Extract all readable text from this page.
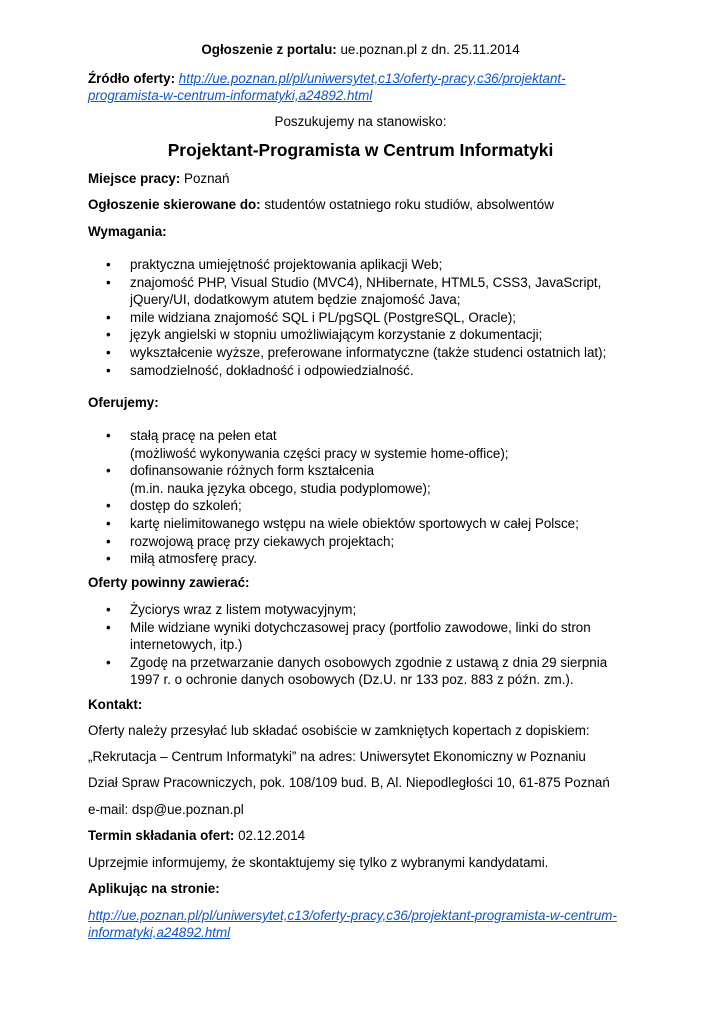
Ogłoszenie z portalu: ue.poznan.pl z dn. 25.11.2014
Źródło oferty: http://ue.poznan.pl/pl/uniwersytet,c13/oferty-pracy,c36/projektant-programista-w-centrum-informatyki,a24892.html
Poszukujemy na stanowisko:
Projektant-Programista w Centrum Informatyki
Miejsce pracy: Poznań
Ogłoszenie skierowane do: studentów ostatniego roku studiów, absolwentów
Wymagania:
• praktyczna umiejętność projektowania aplikacji Web;
• znajomość PHP, Visual Studio (MVC4), NHibernate, HTML5, CSS3, JavaScript, jQuery/UI, dodatkowym atutem będzie znajomość Java;
• mile widziana znajomość SQL i PL/pgSQL (PostgreSQL, Oracle);
• język angielski w stopniu umożliwiającym korzystanie z dokumentacji;
• wykształcenie wyższe, preferowane informatyczne (także studenci ostatnich lat);
• samodzielność, dokładność i odpowiedzialność.
Oferujemy:
• stałą pracę na pełen etat
(możliwość wykonywania części pracy w systemie home-office);
• dofinansowanie różnych form kształcenia
(m.in. nauka języka obcego, studia podyplomowe);
• dostęp do szkoleń;
• kartę nielimitowanego wstępu na wiele obiektów sportowych w całej Polsce;
• rozwojową pracę przy ciekawych projektach;
• miłą atmosferę pracy.
Oferty powinny zawierać:
• Życiorys wraz z listem motywacyjnym;
• Mile widziane wyniki dotychczasowej pracy (portfolio zawodowe, linki do stron internetowych, itp.)
• Zgodę na przetwarzanie danych osobowych zgodnie z ustawą z dnia 29 sierpnia 1997 r. o ochronie danych osobowych (Dz.U. nr 133 poz. 883 z późn. zm.).
Kontakt:
Oferty należy przesyłać lub składać osobiście w zamkniętych kopertach z dopiskiem:
„Rekrutacja – Centrum Informatyki” na adres: Uniwersytet Ekonomiczny w Poznaniu
Dział Spraw Pracowniczych, pok. 108/109 bud. B, Al. Niepodległości 10, 61-875 Poznań
e-mail: dsp@ue.poznan.pl
Termin składania ofert: 02.12.2014
Uprzejmie informujemy, że skontaktujemy się tylko z wybranymi kandydatami.
Aplikując na stronie:
http://ue.poznan.pl/pl/uniwersytet,c13/oferty-pracy,c36/projektant-programista-w-centrum-informatyki,a24892.html
